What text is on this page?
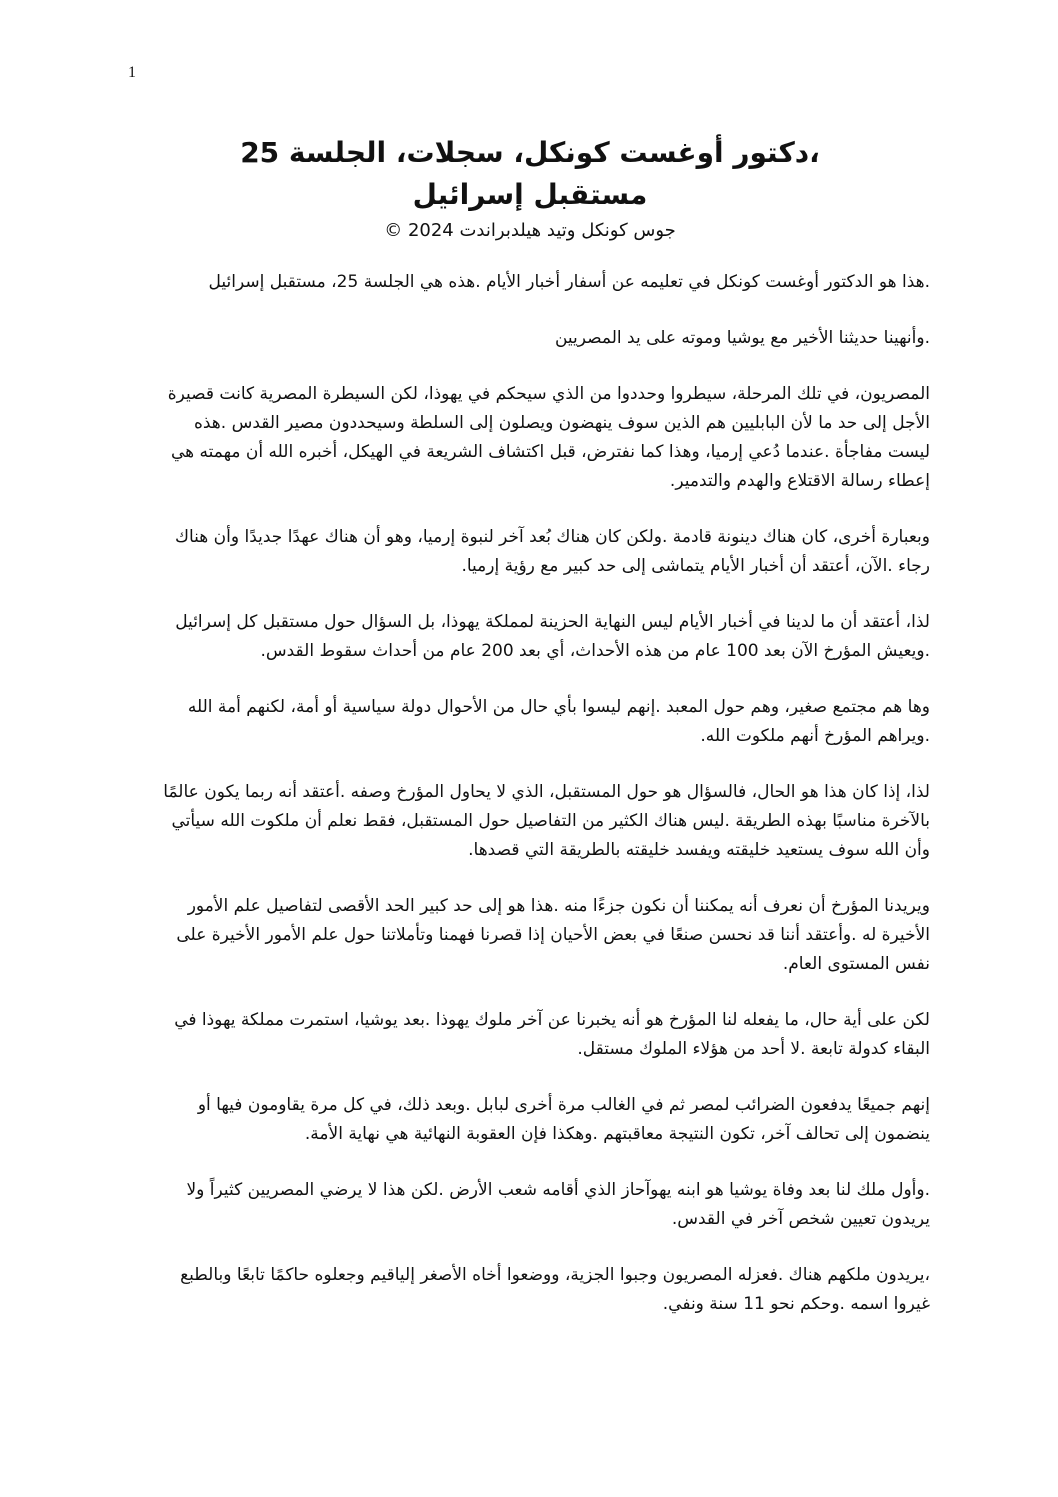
1
،دكتور أوغست كونكل، سجلات، الجلسة 25
مستقبل إسرائيل
جوس كونكل وتيد هيلدبراندت 2024 ©

.هذا هو الدكتور أوغست كونكل في تعليمه عن أسفار أخبار الأيام .هذه هي الجلسة 25، مستقبل إسرائيل

.وأنهينا حديثنا الأخير مع يوشيا وموته على يد المصريين

المصريون، في تلك المرحلة، سيطروا وحددوا من الذي سيحكم في يهوذا، لكن السيطرة المصرية كانت قصيرة الأجل إلى حد ما لأن البابليين هم الذين سوف ينهضون ويصلون إلى السلطة وسيحددون مصير القدس .هذه ليست مفاجأة .عندما دُعي إرميا، وهذا كما نفترض، قبل اكتشاف الشريعة في الهيكل، أخبره الله أن مهمته هي إعطاء رسالة الاقتلاع والهدم والتدمير.

وبعبارة أخرى، كان هناك دينونة قادمة .ولكن كان هناك بُعد آخر لنبوة إرميا، وهو أن هناك عهدًا جديدًا وأن هناك رجاء .الآن، أعتقد أن أخبار الأيام يتماشى إلى حد كبير مع رؤية إرميا.

لذا، أعتقد أن ما لدينا في أخبار الأيام ليس النهاية الحزينة لمملكة يهوذا، بل السؤال حول مستقبل كل إسرائيل .ويعيش المؤرخ الآن بعد 100 عام من هذه الأحداث، أي بعد 200 عام من أحداث سقوط القدس.

وها هم مجتمع صغير، وهم حول المعبد .إنهم ليسوا بأي حال من الأحوال دولة سياسية أو أمة، لكنهم أمة الله .ويراهم المؤرخ أنهم ملكوت الله.

لذا، إذا كان هذا هو الحال، فالسؤال هو حول المستقبل، الذي لا يحاول المؤرخ وصفه .أعتقد أنه ربما يكون عالمًا بالآخرة مناسبًا بهذه الطريقة .ليس هناك الكثير من التفاصيل حول المستقبل، فقط نعلم أن ملكوت الله سيأتي وأن الله سوف يستعيد خليقته ويفسد خليقته بالطريقة التي قصدها.

ويريدنا المؤرخ أن نعرف أنه يمكننا أن نكون جزءًا منه .هذا هو إلى حد كبير الحد الأقصى لتفاصيل علم الأمور الأخيرة له .وأعتقد أننا قد نحسن صنعًا في بعض الأحيان إذا قصرنا فهمنا وتأملاتنا حول علم الأمور الأخيرة على نفس المستوى العام.

لكن على أية حال، ما يفعله لنا المؤرخ هو أنه يخبرنا عن آخر ملوك يهوذا .بعد يوشيا، استمرت مملكة يهوذا في البقاء كدولة تابعة .لا أحد من هؤلاء الملوك مستقل.

إنهم جميعًا يدفعون الضرائب لمصر ثم في الغالب مرة أخرى لبابل .وبعد ذلك، في كل مرة يقاومون فيها أو ينضمون إلى تحالف آخر، تكون النتيجة معاقبتهم .وهكذا فإن العقوبة النهائية هي نهاية الأمة.

.وأول ملك لنا بعد وفاة يوشيا هو ابنه يهوآحاز الذي أقامه شعب الأرض .لكن هذا لا يرضي المصريين كثيراً ولا يريدون تعيين شخص آخر في القدس.

،يريدون ملكهم هناك .فعزله المصريون وجبوا الجزية، ووضعوا أخاه الأصغر إلياقيم وجعلوه حاكمًا تابعًا وبالطبع غيروا اسمه .وحكم نحو 11 سنة ونفي.
